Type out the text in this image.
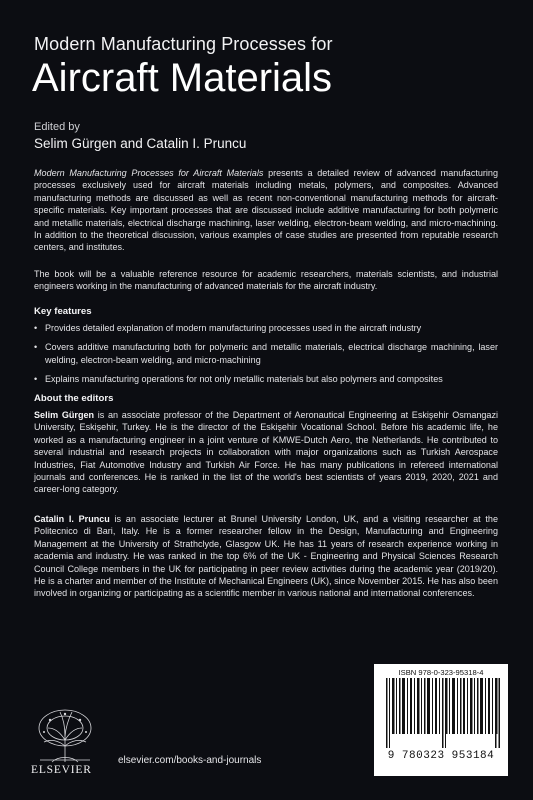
Modern Manufacturing Processes for
Aircraft Materials
Edited by
Selim Gürgen and Catalin I. Pruncu

Modern Manufacturing Processes for Aircraft Materials presents a detailed review of advanced manufacturing processes exclusively used for aircraft materials including metals, polymers, and composites. Advanced manufacturing methods are discussed as well as recent non-conventional manufacturing methods for aircraft-specific materials. Key important processes that are discussed include additive manufacturing for both polymeric and metallic materials, electrical discharge machining, laser welding, electron-beam welding, and micro-machining. In addition to the theoretical discussion, various examples of case studies are presented from reputable research centers, and institutes.

The book will be a valuable reference resource for academic researchers, materials scientists, and industrial engineers working in the manufacturing of advanced materials for the aircraft industry.

Key features

• Provides detailed explanation of modern manufacturing processes used in the aircraft industry
• Covers additive manufacturing both for polymeric and metallic materials, electrical discharge machining, laser welding, electron-beam welding, and micro-machining
• Explains manufacturing operations for not only metallic materials but also polymers and composites

About the editors

Selim Gürgen is an associate professor of the Department of Aeronautical Engineering at Eskişehir Osmangazi University, Eskişehir, Turkey. He is the director of the Eskişehir Vocational School. Before his academic life, he worked as a manufacturing engineer in a joint venture of KMWE-Dutch Aero, the Netherlands. He contributed to several industrial and research projects in collaboration with major organizations such as Turkish Aerospace Industries, Fiat Automotive Industry and Turkish Air Force. He has many publications in refereed international journals and conferences. He is ranked in the list of the world's best scientists of years 2019, 2020, 2021 and career-long category.

Catalin I. Pruncu is an associate lecturer at Brunel University London, UK, and a visiting researcher at the Politecnico di Bari, Italy. He is a former researcher fellow in the Design, Manufacturing and Engineering Management at the University of Strathclyde, Glasgow UK. He has 11 years of research experience working in academia and industry. He was ranked in the top 6% of the UK - Engineering and Physical Sciences Research Council College members in the UK for participating in peer review activities during the academic year (2019/20). He is a charter and member of the Institute of Mechanical Engineers (UK), since November 2015. He has also been involved in organizing or participating as a scientific member in various national and international conferences.

ISBN 978-0-323-95318-4
9 780323 953184
ELSEVIER
elsevier.com/books-and-journals
